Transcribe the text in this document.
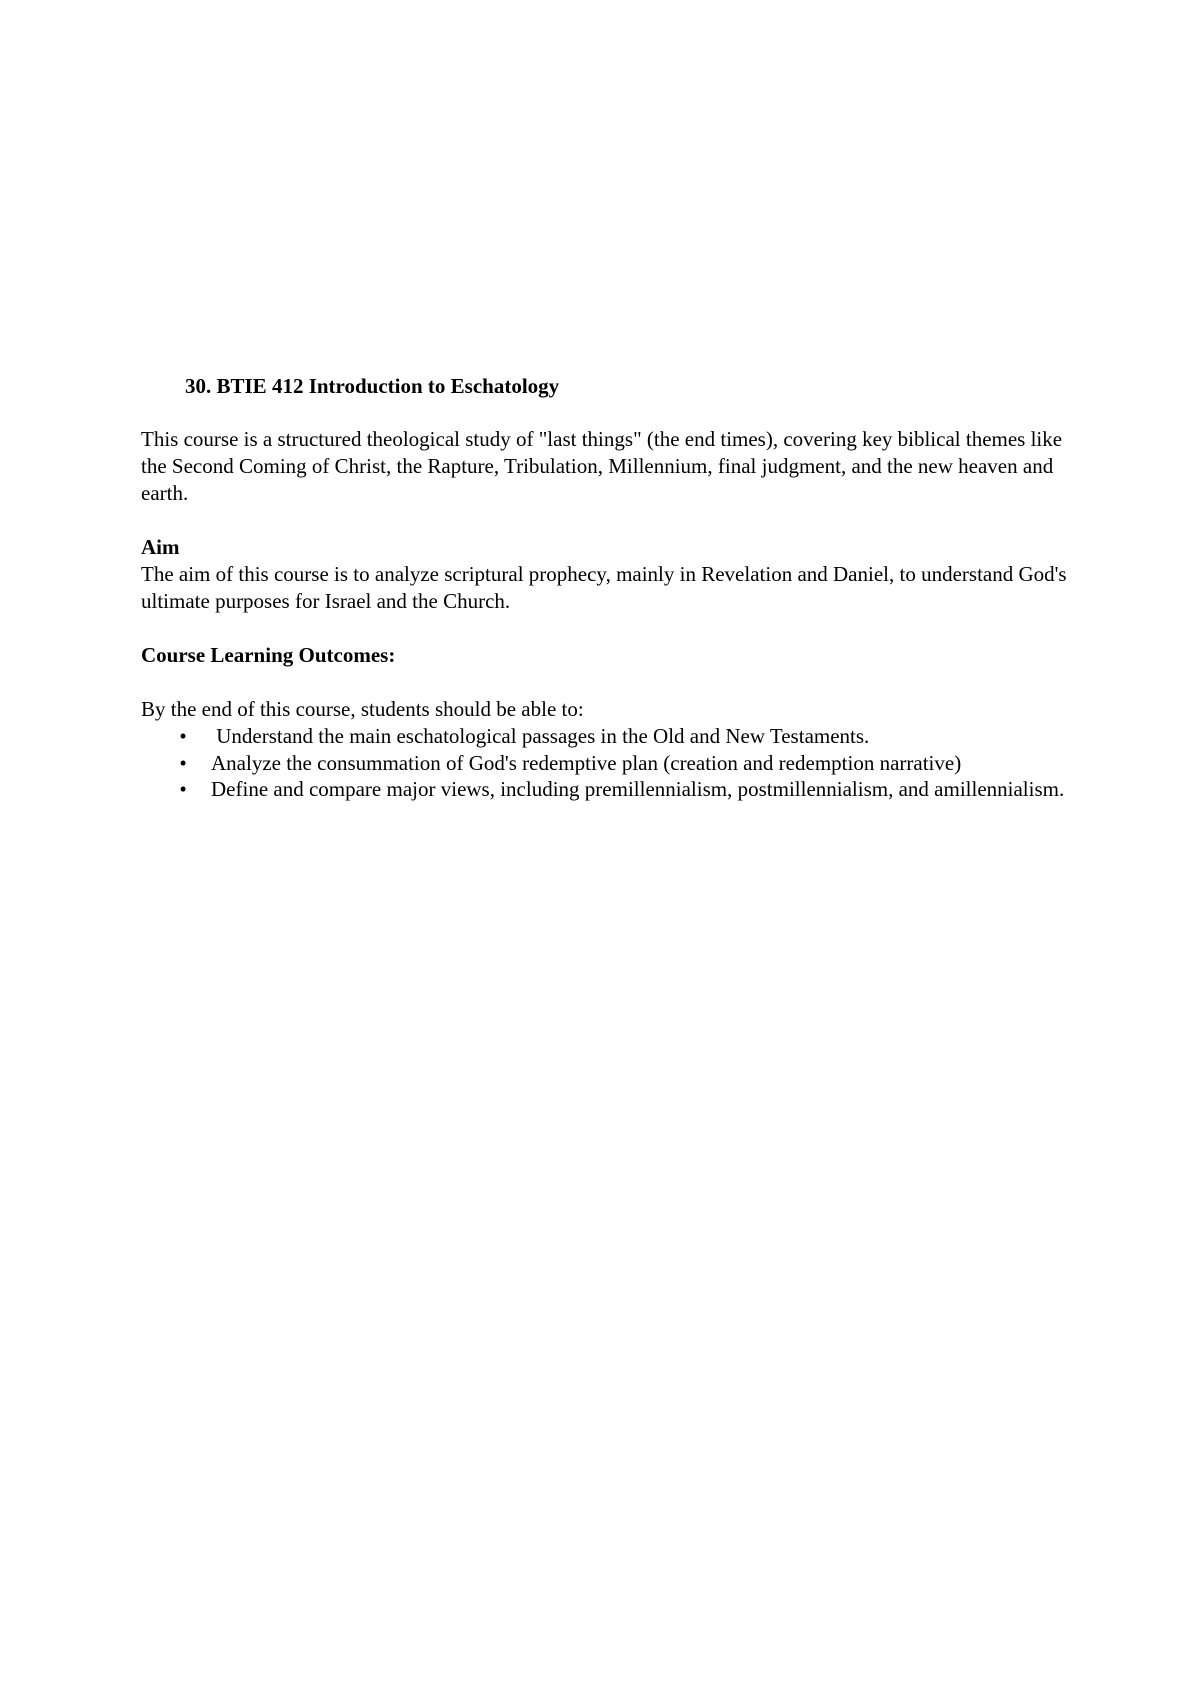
30. BTIE 412 Introduction to Eschatology

This course is a structured theological study of "last things" (the end times), covering key biblical themes like the Second Coming of Christ, the Rapture, Tribulation, Millennium, final judgment, and the new heaven and earth.

Aim

The aim of this course is to analyze scriptural prophecy, mainly in Revelation and Daniel, to understand God's ultimate purposes for Israel and the Church.

Course Learning Outcomes:

By the end of this course, students should be able to:

•	Understand the main eschatological passages in the Old and New Testaments.
•	Analyze the consummation of God's redemptive plan (creation and redemption narrative)
•	Define and compare major views, including premillennialism, postmillennialism, and amillennialism.
